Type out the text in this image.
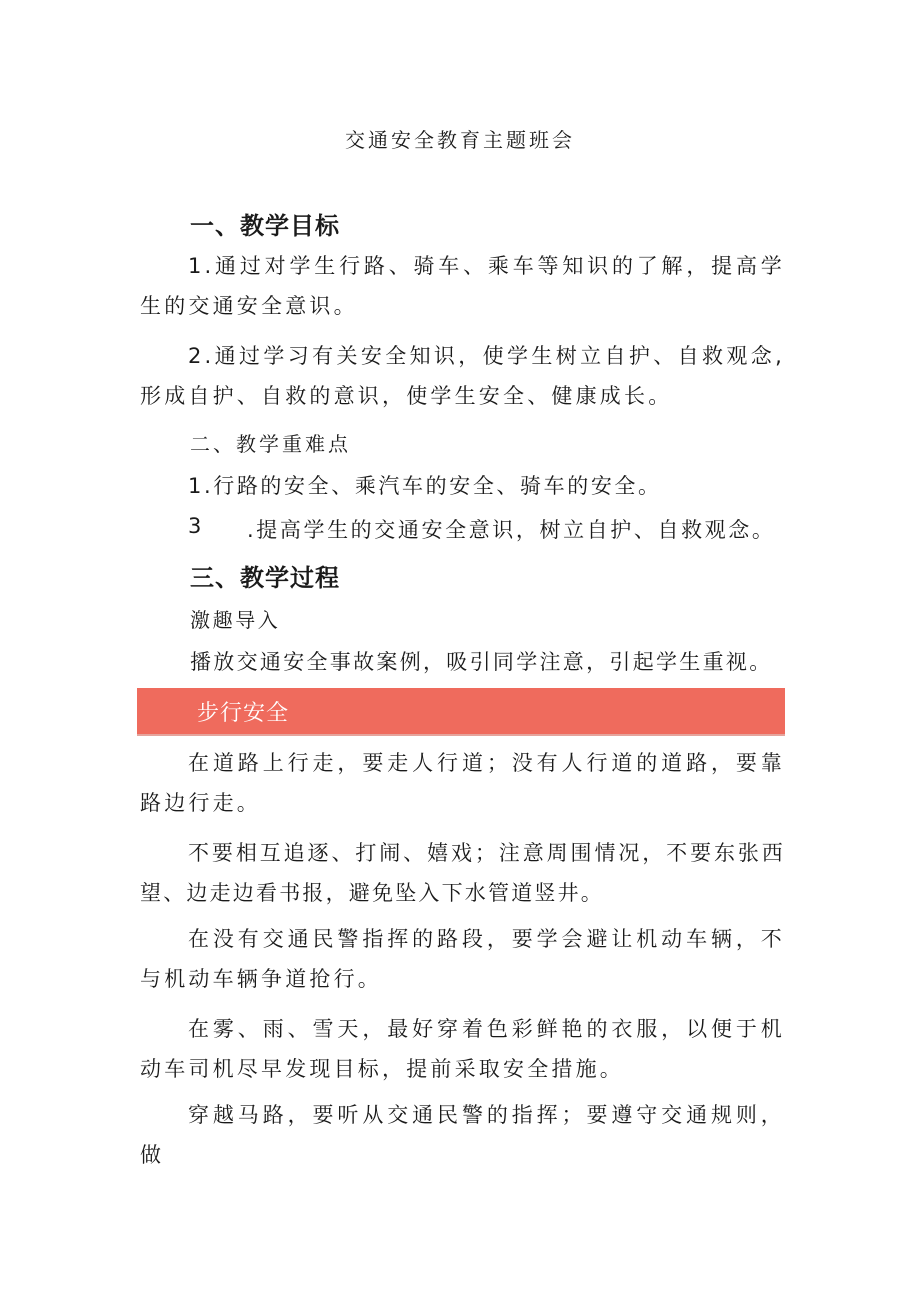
交通安全教育主题班会
一、教学目标
1.通过对学生行路、骑车、乘车等知识的了解，提高学生的交通安全意识。
2.通过学习有关安全知识，使学生树立自护、自救观念,形成自护、自救的意识，使学生安全、健康成长。
二、教学重难点
1.行路的安全、乘汽车的安全、骑车的安全。
3 .提高学生的交通安全意识，树立自护、自救观念。
三、教学过程
激趣导入
播放交通安全事故案例，吸引同学注意，引起学生重视。
步行安全
在道路上行走，要走人行道；没有人行道的道路，要靠路边行走。
不要相互追逐、打闹、嬉戏；注意周围情况，不要东张西望、边走边看书报，避免坠入下水管道竖井。
在没有交通民警指挥的路段，要学会避让机动车辆，不与机动车辆争道抢行。
在雾、雨、雪天，最好穿着色彩鲜艳的衣服，以便于机动车司机尽早发现目标，提前采取安全措施。
穿越马路，要听从交通民警的指挥；要遵守交通规则，做
